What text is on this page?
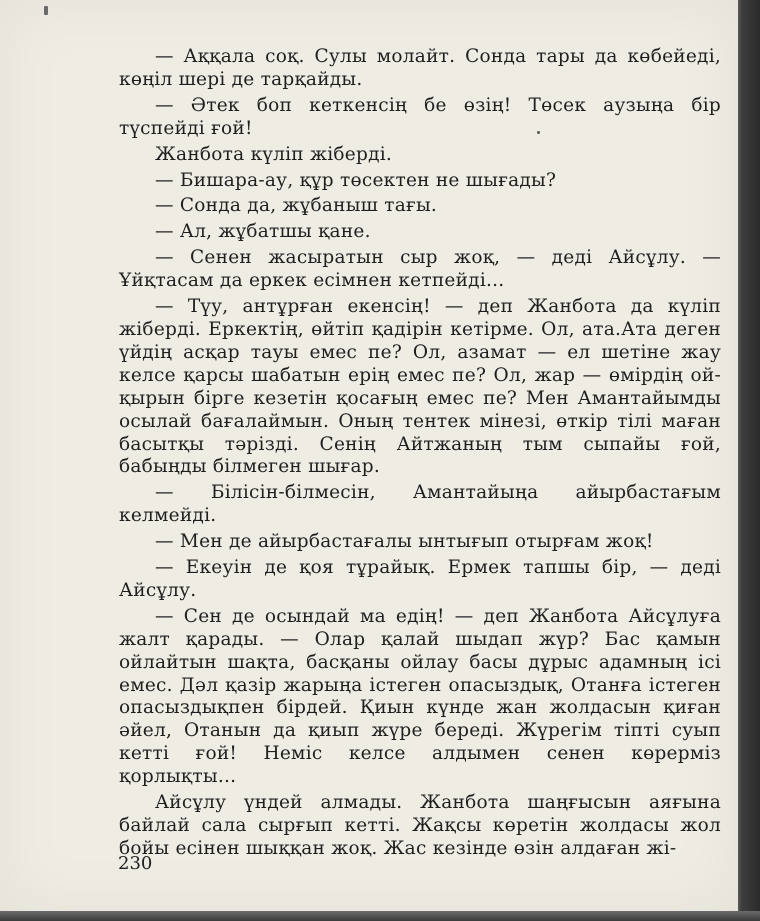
— Аққала соқ. Сулы молайт. Сонда тары да көбейеді, көңіл шері де тарқайды.

— Әтек боп кеткенсің бе өзің! Төсек аузыңа бір түспейді ғой!

Жанбота күліп жіберді.

— Бишара-ау, құр төсектен не шығады?

— Сонда да, жұбаныш тағы.

— Ал, жұбатшы қане.

— Сенен жасыратын сыр жоқ, — деді Айсұлу. — Ұйқтасам да еркек есімнен кетпейді...

— Түу, антұрған екенсің! — деп Жанбота да күліп жіберді. Еркектің, өйтіп қадірін кетірме. Ол, ата.Ата деген үйдің асқар тауы емес пе? Ол, азамат — ел шетіне жау келсе қарсы шабатын ерің емес пе? Ол, жар — өмірдің ой-қырын бірге кезетін қосағың емес пе? Мен Амантайымды осылай бағалаймын. Оның тентек мінезі, өткір тілі маған басытқы тәрізді. Сенің Айтжаның тым сыпайы ғой, бабыңды білмеген шығар.

— Білісін-білмесін, Амантайыңа айырбастағым келмейді.

— Мен де айырбастағалы ынтығып отырғам жоқ!

— Екеуін де қоя тұрайық. Ермек тапшы бір, — деді Айсұлу.

— Сен де осындай ма едің! — деп Жанбота Айсұлуға жалт қарады. — Олар қалай шыдап жүр? Бас қамын ойлайтын шақта, басқаны ойлау басы дұрыс адамның ісі емес. Дәл қазір жарыңа істеген опасыздық, Отанға істеген опасыздықпен бірдей. Қиын күнде жан жолдасын қиған әйел, Отанын да қиып жүре береді. Жүрегім тіпті суып кетті ғой! Неміс келсе алдымен сенен көрерміз қорлықты...

Айсұлу үндей алмады. Жанбота шаңғысын аяғына байлай сала сырғып кетті. Жақсы көретін жолдасы жол бойы есінен шыққан жоқ. Жас кезінде өзін алдаған жі-

230
